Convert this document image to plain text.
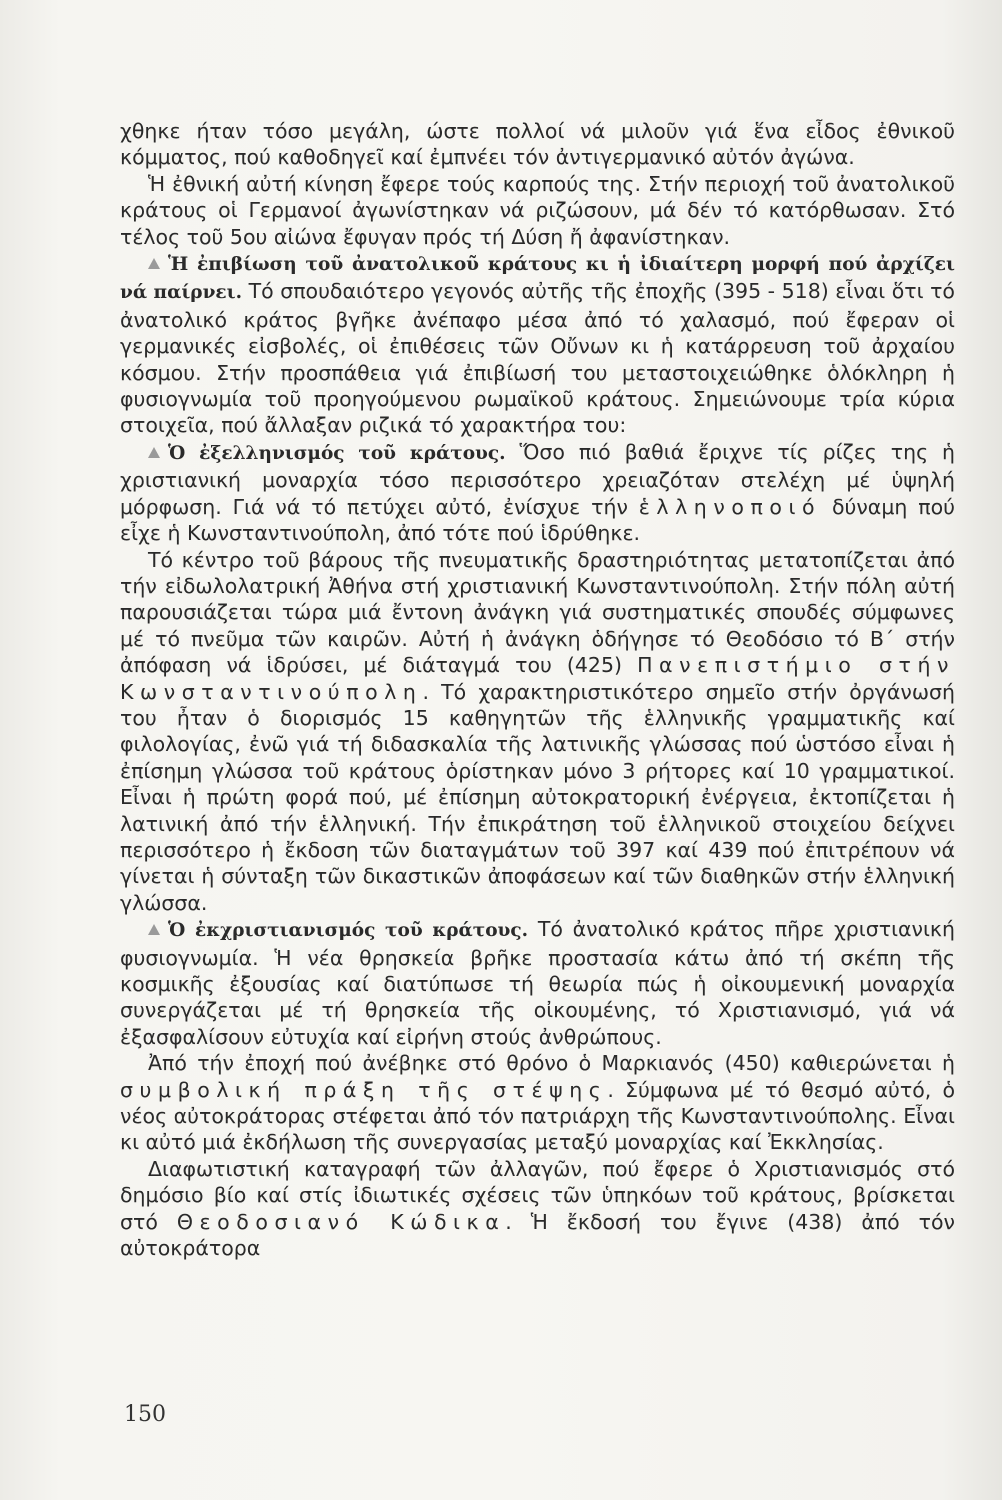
χθηκε ήταν τόσο μεγάλη, ώστε πολλοί νά μιλοῦν γιά ἕνα εἶδος ἐθνικοῦ κόμματος, πού καθοδηγεῖ καί ἐμπνέει τόν ἀντιγερμανικό αὐτόν ἀγώνα.

Ἡ ἐθνική αὐτή κίνηση ἔφερε τούς καρπούς της. Στήν περιοχή τοῦ ἀνατολικοῦ κράτους οἱ Γερμανοί ἀγωνίστηκαν νά ριζώσουν, μά δέν τό κατόρθωσαν. Στό τέλος τοῦ 5ου αἰώνα ἔφυγαν πρός τή Δύση ἤ ἀφανίστηκαν.

Ἡ ἐπιβίωση τοῦ ἀνατολικοῦ κράτους κι ἡ ἰδιαίτερη μορφή πού ἀρχίζει νά παίρνει. Τό σπουδαιότερο γεγονός αὐτῆς τῆς ἐποχῆς (395 - 518) εἶναι ὅτι τό ἀνατολικό κράτος βγῆκε ἀνέπαφο μέσα ἀπό τό χαλασμό, πού ἔφεραν οἱ γερμανικές εἰσβολές, οἱ ἐπιθέσεις τῶν Οὔνων κι ἡ κατάρρευση τοῦ ἀρχαίου κόσμου. Στήν προσπάθεια γιά ἐπιβίωσή του μεταστοιχειώθηκε ὁλόκληρη ἡ φυσιογνωμία τοῦ προηγούμενου ρωμαϊκοῦ κράτους. Σημειώνουμε τρία κύρια στοιχεῖα, πού ἄλλαξαν ριζικά τό χαρακτήρα του:

Ὁ ἐξελληνισμός τοῦ κράτους. Ὅσο πιό βαθιά ἔριχνε τίς ρίζες της ἡ χριστιανική μοναρχία τόσο περισσότερο χρειαζόταν στελέχη μέ ὑψηλή μόρφωση. Γιά νά τό πετύχει αὐτό, ἐνίσχυε τήν ἑλληνοποιό δύναμη πού εἶχε ἡ Κωνσταντινούπολη, ἀπό τότε πού ἱδρύθηκε.

Τό κέντρο τοῦ βάρους τῆς πνευματικῆς δραστηριότητας μετατοπίζεται ἀπό τήν εἰδωλολατρική Ἀθήνα στή χριστιανική Κωνσταντινούπολη. Στήν πόλη αὐτή παρουσιάζεται τώρα μιά ἔντονη ἀνάγκη γιά συστηματικές σπουδές σύμφωνες μέ τό πνεῦμα τῶν καιρῶν. Αὐτή ἡ ἀνάγκη ὁδήγησε τό Θεοδόσιο τό Β΄ στήν ἀπόφαση νά ἱδρύσει, μέ διάταγμά του (425) Πανεπιστήμιο στήν Κωνσταντινούπολη. Τό χαρακτηριστικότερο σημεῖο στήν ὀργάνωσή του ἦταν ὁ διορισμός 15 καθηγητῶν τῆς ἑλληνικῆς γραμματικῆς καί φιλολογίας, ἐνῶ γιά τή διδασκαλία τῆς λατινικῆς γλώσσας πού ὡστόσο εἶναι ἡ ἐπίσημη γλώσσα τοῦ κράτους ὁρίστηκαν μόνο 3 ρήτορες καί 10 γραμματικοί. Εἶναι ἡ πρώτη φορά πού, μέ ἐπίσημη αὐτοκρατορική ἐνέργεια, ἐκτοπίζεται ἡ λατινική ἀπό τήν ἑλληνική. Τήν ἐπικράτηση τοῦ ἑλληνικοῦ στοιχείου δείχνει περισσότερο ἡ ἔκδοση τῶν διαταγμάτων τοῦ 397 καί 439 πού ἐπιτρέπουν νά γίνεται ἡ σύνταξη τῶν δικαστικῶν ἀποφάσεων καί τῶν διαθηκῶν στήν ἑλληνική γλώσσα.

Ὁ ἐκχριστιανισμός τοῦ κράτους. Τό ἀνατολικό κράτος πῆρε χριστιανική φυσιογνωμία. Ἡ νέα θρησκεία βρῆκε προστασία κάτω ἀπό τή σκέπη τῆς κοσμικῆς ἐξουσίας καί διατύπωσε τή θεωρία πώς ἡ οἰκουμενική μοναρχία συνεργάζεται μέ τή θρησκεία τῆς οἰκουμένης, τό Χριστιανισμό, γιά νά ἐξασφαλίσουν εὐτυχία καί εἰρήνη στούς ἀνθρώπους.

Ἀπό τήν ἐποχή πού ἀνέβηκε στό θρόνο ὁ Μαρκιανός (450) καθιερώνεται ἡ συμβολική πράξη τῆς στέψης. Σύμφωνα μέ τό θεσμό αὐτό, ὁ νέος αὐτοκράτορας στέφεται ἀπό τόν πατριάρχη τῆς Κωνσταντινούπολης. Εἶναι κι αὐτό μιά ἐκδήλωση τῆς συνεργασίας μεταξύ μοναρχίας καί Ἐκκλησίας.

Διαφωτιστική καταγραφή τῶν ἀλλαγῶν, πού ἔφερε ὁ Χριστιανισμός στό δημόσιο βίο καί στίς ἰδιωτικές σχέσεις τῶν ὑπηκόων τοῦ κράτους, βρίσκεται στό Θεοδοσιανό Κώδικα. Ἡ ἔκδοσή του ἔγινε (438) ἀπό τόν αὐτοκράτορα

150
